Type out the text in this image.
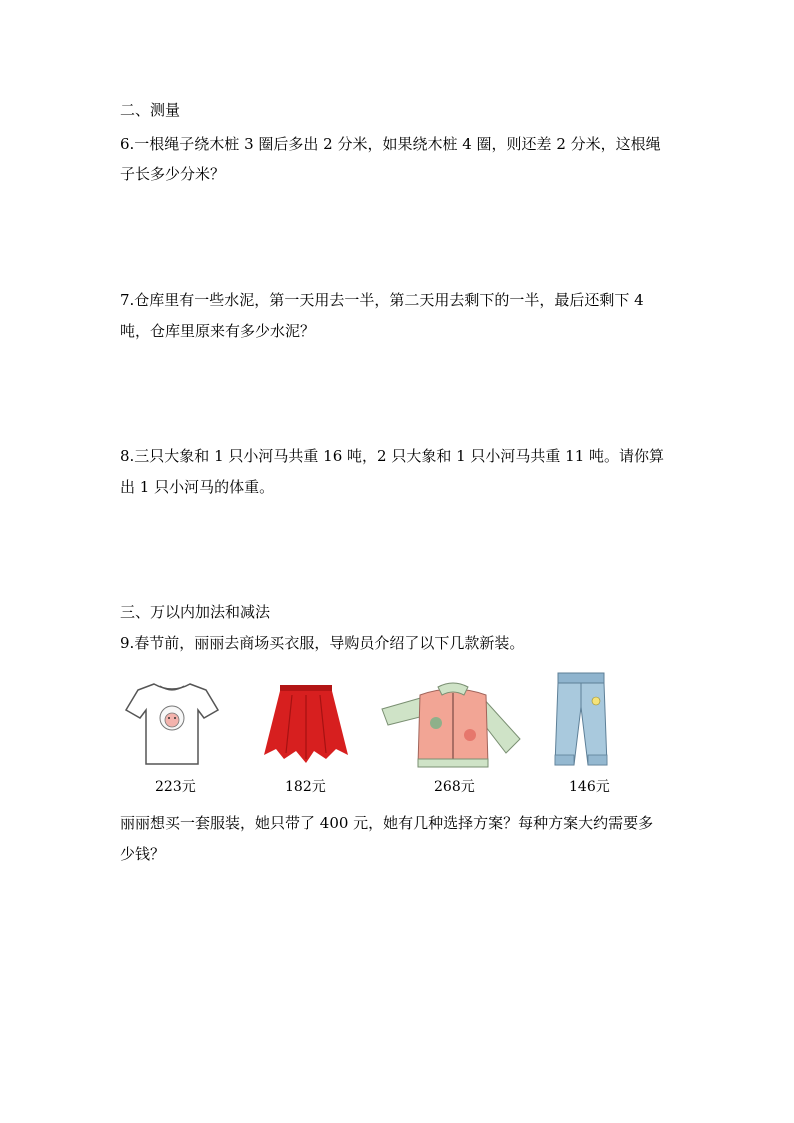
二、测量
6.一根绳子绕木桩 3 圈后多出 2 分米，如果绕木桩 4 圈，则还差 2 分米，这根绳
子长多少分米？
7.仓库里有一些水泥，第一天用去一半，第二天用去剩下的一半，最后还剩下 4
吨，仓库里原来有多少水泥？
8.三只大象和 1 只小河马共重 16 吨，2 只大象和 1 只小河马共重 11 吨。请你算
出 1 只小河马的体重。
三、万以内加法和减法
9.春节前，丽丽去商场买衣服，导购员介绍了以下几款新装。
223元	182元	268元	146元
丽丽想买一套服装，她只带了 400 元，她有几种选择方案？每种方案大约需要多
少钱？
